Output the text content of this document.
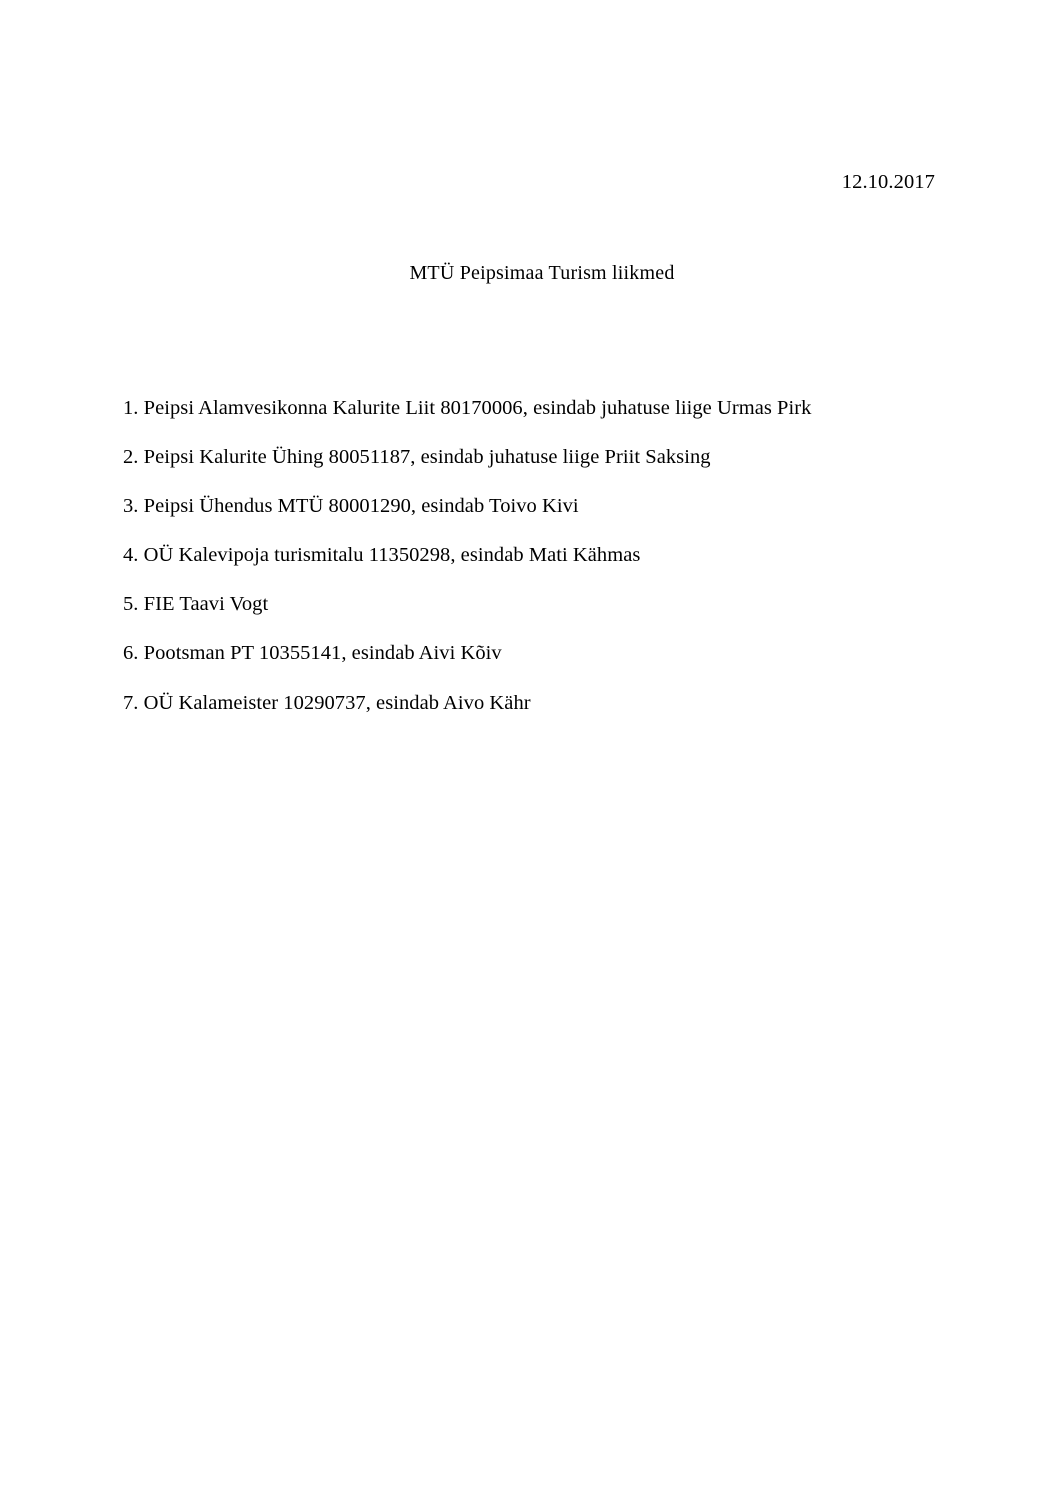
12.10.2017
MTÜ Peipsimaa Turism liikmed
1. Peipsi Alamvesikonna Kalurite Liit 80170006, esindab juhatuse liige Urmas Pirk
2. Peipsi Kalurite Ühing 80051187, esindab juhatuse liige Priit Saksing
3. Peipsi Ühendus MTÜ 80001290, esindab Toivo Kivi
4. OÜ Kalevipoja turismitalu 11350298, esindab Mati Kähmas
5. FIE Taavi Vogt
6. Pootsman PT 10355141, esindab Aivi Kõiv
7. OÜ Kalameister 10290737, esindab Aivo Kähr
